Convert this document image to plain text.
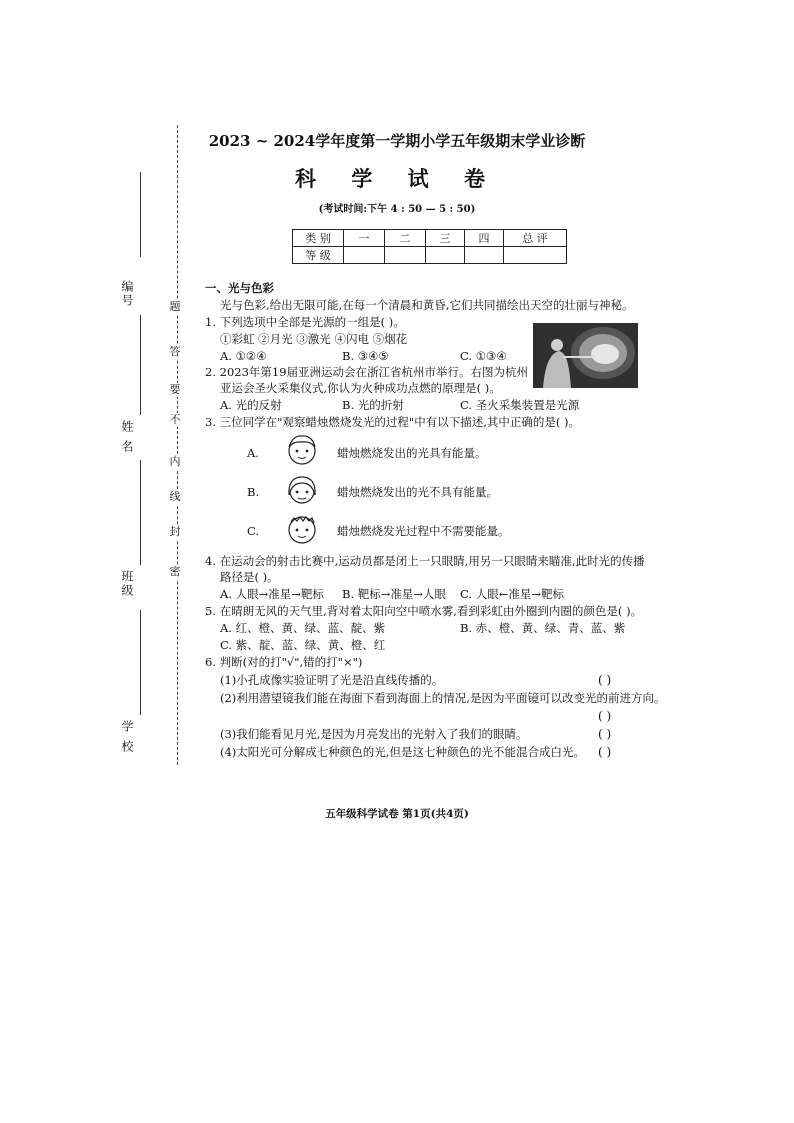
编号
姓 名
班级
学 校
题
答
要
不
内
线
封
密
2023 ~ 2024学年度第一学期小学五年级期末学业诊断
科 学 试 卷
(考试时间:下午 4 : 50 — 5 : 50)
类 别	一	二	三	四	总 评
等 级					
一、光与色彩
光与色彩,给出无限可能,在每一个清晨和黄昏,它们共同描绘出天空的壮丽与神秘。
1. 下列选项中全部是光源的一组是( )。
①彩虹 ②月光 ③激光 ④闪电 ⑤烟花
A. ①②④	B. ③④⑤	C. ①③④
2. 2023年第19届亚洲运动会在浙江省杭州市举行。右图为杭州
亚运会圣火采集仪式,你认为火种成功点燃的原理是( )。
A. 光的反射	B. 光的折射	C. 圣火采集装置是光源
3. 三位同学在"观察蜡烛燃烧发光的过程"中有以下描述,其中正确的是( )。
A.	蜡烛燃烧发出的光具有能量。
B.	蜡烛燃烧发出的光不具有能量。
C.	蜡烛燃烧发光过程中不需要能量。
4. 在运动会的射击比赛中,运动员都是闭上一只眼睛,用另一只眼睛来瞄准,此时光的传播
路径是( )。
A. 人眼→准星→靶标 B. 靶标→准星→人眼 C. 人眼←准星→靶标
5. 在晴朗无风的天气里,背对着太阳向空中喷水雾,看到彩虹由外圈到内圈的颜色是( )。
A. 红、橙、黄、绿、蓝、靛、紫	B. 赤、橙、黄、绿、青、蓝、紫
C. 紫、靛、蓝、绿、黄、橙、红
6. 判断(对的打"√",错的打"×")
(1)小孔成像实验证明了光是沿直线传播的。	( )
(2)利用潜望镜我们能在海面下看到海面上的情况,是因为平面镜可以改变光的前进方向。
( )
(3)我们能看见月光,是因为月亮发出的光射入了我们的眼睛。	( )
(4)太阳光可分解成七种颜色的光,但是这七种颜色的光不能混合成白光。 ( )
五年级科学试卷 第1页(共4页)
